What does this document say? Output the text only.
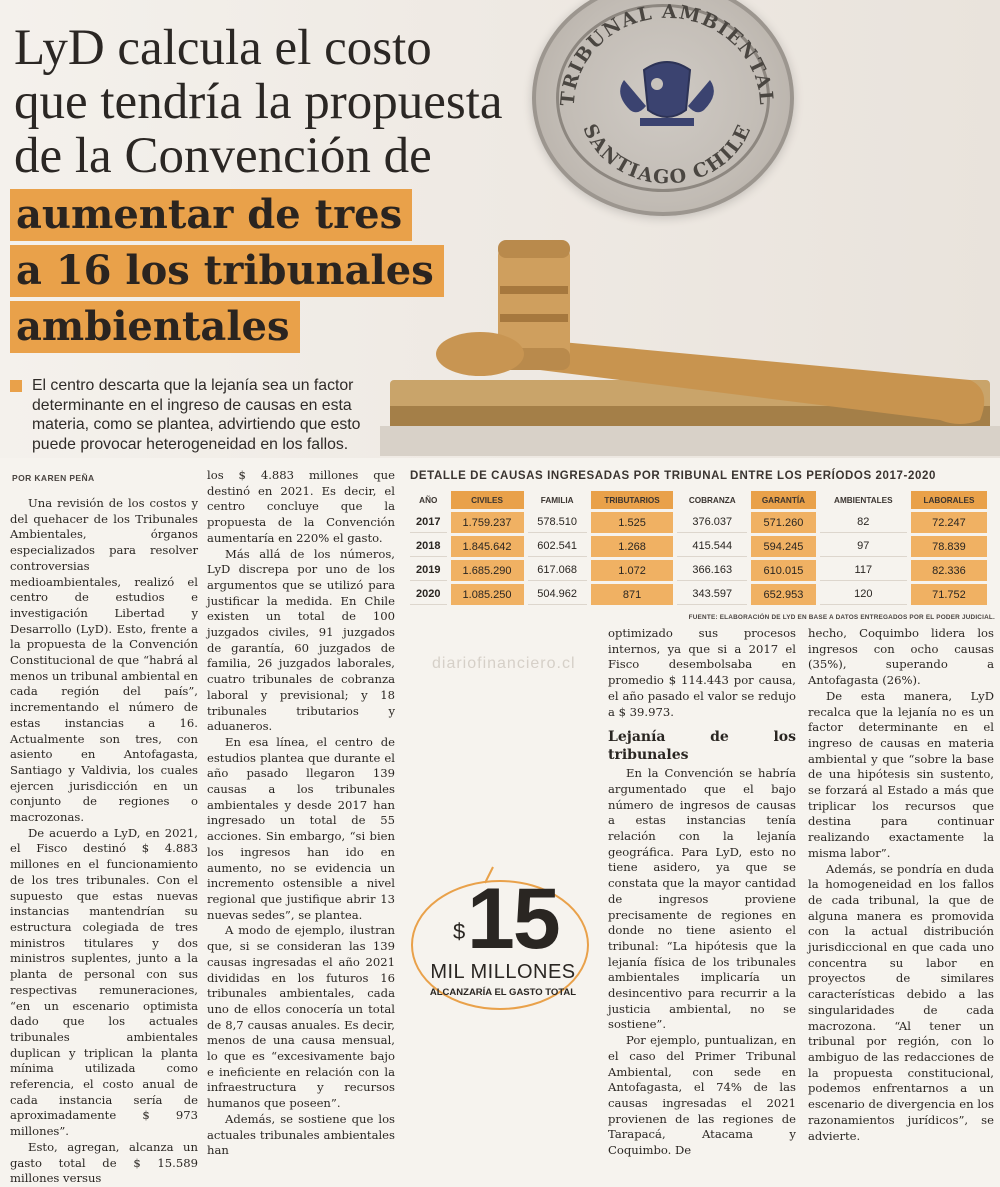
TRIBUNAL AMBIENTAL
SANTIAGO CHILE
LyD calcula el costo
que tendría la propuesta
de la Convención de
aumentar de tres
a 16 los tribunales
ambientales

El centro descarta que la lejanía sea un factor determinante en el ingreso de causas en esta materia, como se plantea, advirtiendo que esto puede provocar heterogeneidad en los fallos.

POR KAREN PEÑA

Una revisión de los costos y del quehacer de los Tribunales Ambientales, órganos especializados para resolver controversias medioambientales, realizó el centro de estudios e investigación Libertad y Desarrollo (LyD). Esto, frente a la propuesta de la Convención Constitucional de que “habrá al menos un tribunal ambiental en cada región del país”, incrementando el número de estas instancias a 16. Actualmente son tres, con asiento en Antofagasta, Santiago y Valdivia, los cuales ejercen jurisdicción en un conjunto de regiones o macrozonas.

De acuerdo a LyD, en 2021, el Fisco destinó $ 4.883 millones en el funcionamiento de los tres tribunales. Con el supuesto que estas nuevas instancias mantendrían su estructura colegiada de tres ministros titulares y dos ministros suplentes, junto a la planta de personal con sus respectivas remuneraciones, “en un escenario optimista dado que los actuales tribunales ambientales duplican y triplican la planta mínima utilizada como referencia, el costo anual de cada instancia sería de aproximadamente $ 973 millones”.

Esto, agregan, alcanza un gasto total de $ 15.589 millones versus

los $ 4.883 millones que destinó en 2021. Es decir, el centro concluye que la propuesta de la Convención aumentaría en 220% el gasto.

Más allá de los números, LyD discrepa por uno de los argumentos que se utilizó para justificar la medida. En Chile existen un total de 100 juzgados civiles, 91 juzgados de garantía, 60 juzgados de familia, 26 juzgados laborales, cuatro tribunales de cobranza laboral y previsional; y 18 tribunales tributarios y aduaneros.

En esa línea, el centro de estudios plantea que durante el año pasado llegaron 139 causas a los tribunales ambientales y desde 2017 han ingresado un total de 55 acciones. Sin embargo, “si bien los ingresos han ido en aumento, no se evidencia un incremento ostensible a nivel regional que justifique abrir 13 nuevas sedes”, se plantea.

A modo de ejemplo, ilustran que, si se consideran las 139 causas ingresadas el año 2021 divididas en los futuros 16 tribunales ambientales, cada uno de ellos conocería un total de 8,7 causas anuales. Es decir, menos de una causa mensual, lo que es “excesivamente bajo e ineficiente en relación con la infraestructura y recursos humanos que poseen”.

Además, se sostiene que los actuales tribunales ambientales han

DETALLE DE CAUSAS INGRESADAS POR TRIBUNAL ENTRE LOS PERÍODOS 2017-2020
AÑO	CIVILES	FAMILIA	TRIBUTARIOS	COBRANZA	GARANTÍA	AMBIENTALES	LABORALES
2017	1.759.237	578.510	1.525	376.037	571.260	82	72.247
2018	1.845.642	602.541	1.268	415.544	594.245	97	78.839
2019	1.685.290	617.068	1.072	366.163	610.015	117	82.336
2020	1.085.250	504.962	871	343.597	652.953	120	71.752
FUENTE: ELABORACIÓN DE LYD EN BASE A DATOS ENTREGADOS POR EL PODER JUDICIAL.
diariofinanciero.cl

optimizado sus procesos internos, ya que si a 2017 el Fisco desembolsaba en promedio $ 114.443 por causa, el año pasado el valor se redujo a $ 39.973.

Lejanía de los tribunales

En la Convención se habría argumentado que el bajo número de ingresos de causas a estas instancias tenía relación con la lejanía geográfica. Para LyD, esto no tiene asidero, ya que se constata que la mayor cantidad de ingresos proviene precisamente de regiones en donde no tiene asiento el tribunal: “La hipótesis que la lejanía física de los tribunales ambientales implicaría un desincentivo para recurrir a la justicia ambiental, no se sostiene”.

Por ejemplo, puntualizan, en el caso del Primer Tribunal Ambiental, con sede en Antofagasta, el 74% de las causas ingresadas el 2021 provienen de las regiones de Tarapacá, Atacama y Coquimbo. De

hecho, Coquimbo lidera los ingresos con ocho causas (35%), superando a Antofagasta (26%).

De esta manera, LyD recalca que la lejanía no es un factor determinante en el ingreso de causas en materia ambiental y que “sobre la base de una hipótesis sin sustento, se forzará al Estado a más que triplicar los recursos que destina para continuar realizando exactamente la misma labor”.

Además, se pondría en duda la homogeneidad en los fallos de cada tribunal, la que de alguna manera es promovida con la actual distribución jurisdiccional en que cada uno concentra su labor en proyectos de similares características debido a las singularidades de cada macrozona. “Al tener un tribunal por región, con lo ambiguo de las redacciones de la propuesta constitucional, podemos enfrentarnos a un escenario de divergencia en los razonamientos jurídicos”, se advierte.

$ 15
MIL MILLONES
ALCANZARÍA EL GASTO TOTAL
